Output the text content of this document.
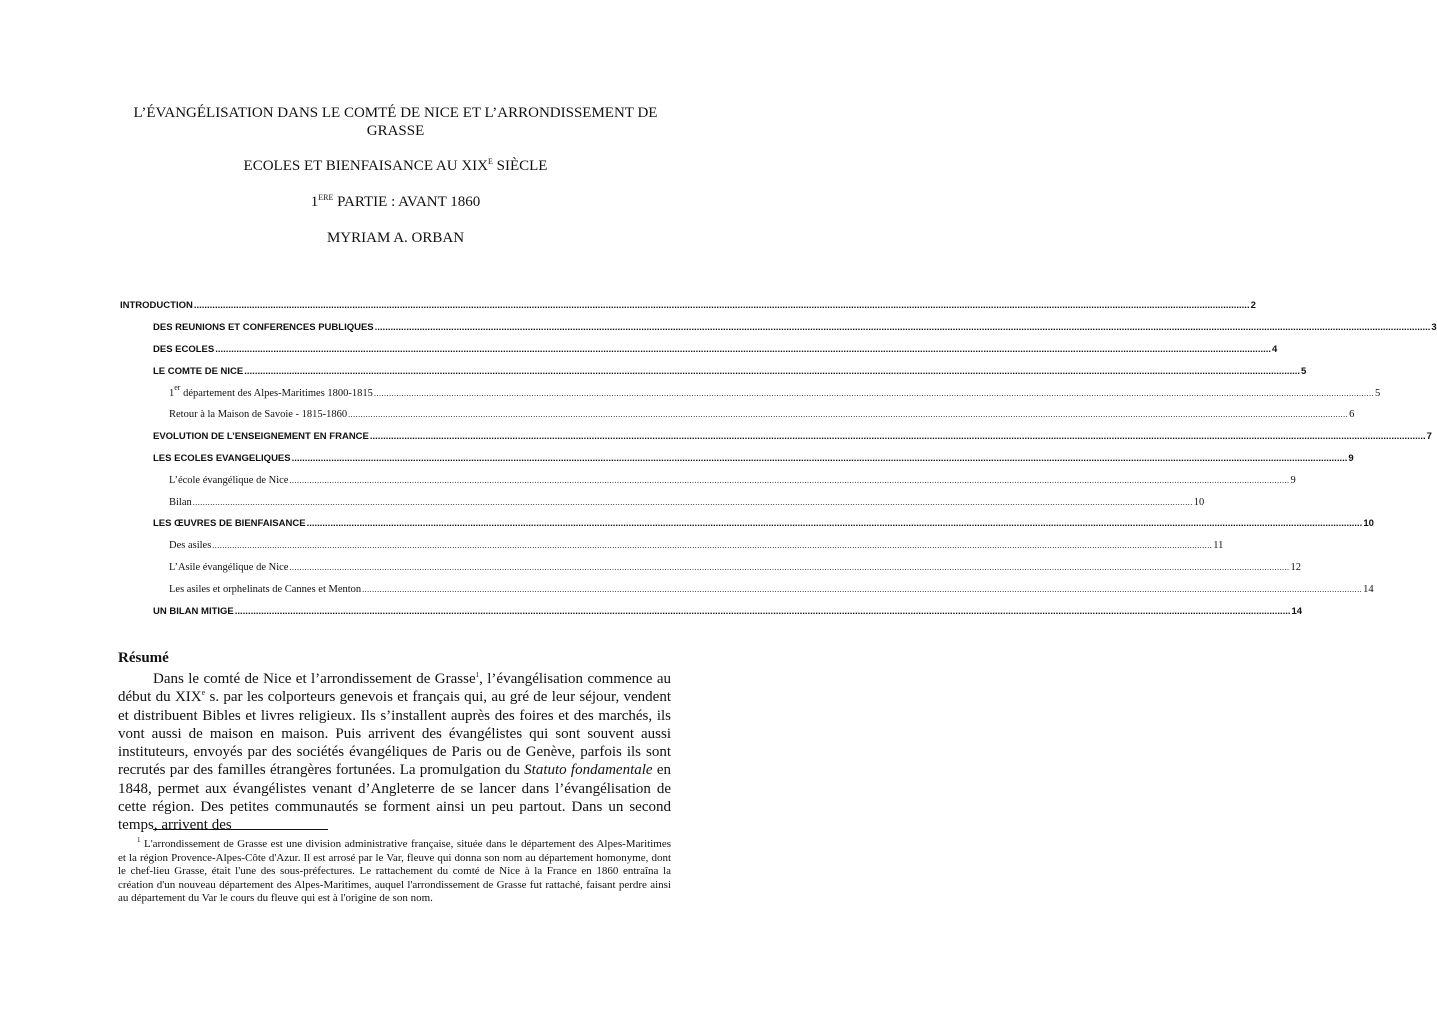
L’ÉVANGÉLISATION DANS LE COMTÉ DE NICE ET L’ARRONDISSEMENT DE
GRASSE
ECOLES ET BIENFAISANCE AU $XIX^E$ SIÈCLE
1ERE PARTIE : AVANT 1860
MYRIAM A. ORBAN
INTRODUCTION ................................................................................................................................................................................................................................................................................................................................................................................................................ 2
DES REUNIONS ET CONFERENCES PUBLIQUES ................................................................................................................................................................................................................................................................................................................................................................................................................ 3
DES ECOLES ................................................................................................................................................................................................................................................................................................................................................................................................................ 4
LE COMTE DE NICE ................................................................................................................................................................................................................................................................................................................................................................................................................ 5
1er département des Alpes-Maritimes 1800-1815 ................................................................................................................................................................................................................................................................................................................................................................................................................ 5
Retour à la Maison de Savoie - 1815-1860 ................................................................................................................................................................................................................................................................................................................................................................................................................ 6
EVOLUTION DE L’ENSEIGNEMENT EN FRANCE ................................................................................................................................................................................................................................................................................................................................................................................................................ 7
LES ECOLES EVANGELIQUES ................................................................................................................................................................................................................................................................................................................................................................................................................ 9
L’école évangélique de Nice ................................................................................................................................................................................................................................................................................................................................................................................................................ 9
Bilan ................................................................................................................................................................................................................................................................................................................................................................................................................ 10
LES ŒUVRES DE BIENFAISANCE ................................................................................................................................................................................................................................................................................................................................................................................................................ 10
Des asiles ................................................................................................................................................................................................................................................................................................................................................................................................................ 11
L’Asile évangélique de Nice ................................................................................................................................................................................................................................................................................................................................................................................................................ 12
Les asiles et orphelinats de Cannes et Menton ................................................................................................................................................................................................................................................................................................................................................................................................................ 14
UN BILAN MITIGE ................................................................................................................................................................................................................................................................................................................................................................................................................ 14
Résumé

Dans le comté de Nice et l’arrondissement de Grasse$^1$, l’évangélisation commence au début du XIXe s. par les colporteurs genevois et français qui, au gré de leur séjour, vendent et distribuent Bibles et livres religieux. Ils s’installent auprès des foires et des marchés, ils vont aussi de maison en maison. Puis arrivent des évangélistes qui sont souvent aussi instituteurs, envoyés par des sociétés évangéliques de Paris ou de Genève, parfois ils sont recrutés par des familles étrangères fortunées. La promulgation du Statuto fondamentale en 1848, permet aux évangélistes venant d’Angleterre de se lancer dans l’évangélisation de cette région. Des petites communautés se forment ainsi un peu partout. Dans un second temps, arrivent des

$^1$ L'arrondissement de Grasse est une division administrative française, située dans le département des Alpes-Maritimes et la région Provence-Alpes-Côte d'Azur. Il est arrosé par le Var, fleuve qui donna son nom au département homonyme, dont le chef-lieu Grasse, était l'une des sous-préfectures. Le rattachement du comté de Nice à la France en 1860 entraîna la création d'un nouveau département des Alpes-Maritimes, auquel l'arrondissement de Grasse fut rattaché, faisant perdre ainsi au département du Var le cours du fleuve qui est à l'origine de son nom.
